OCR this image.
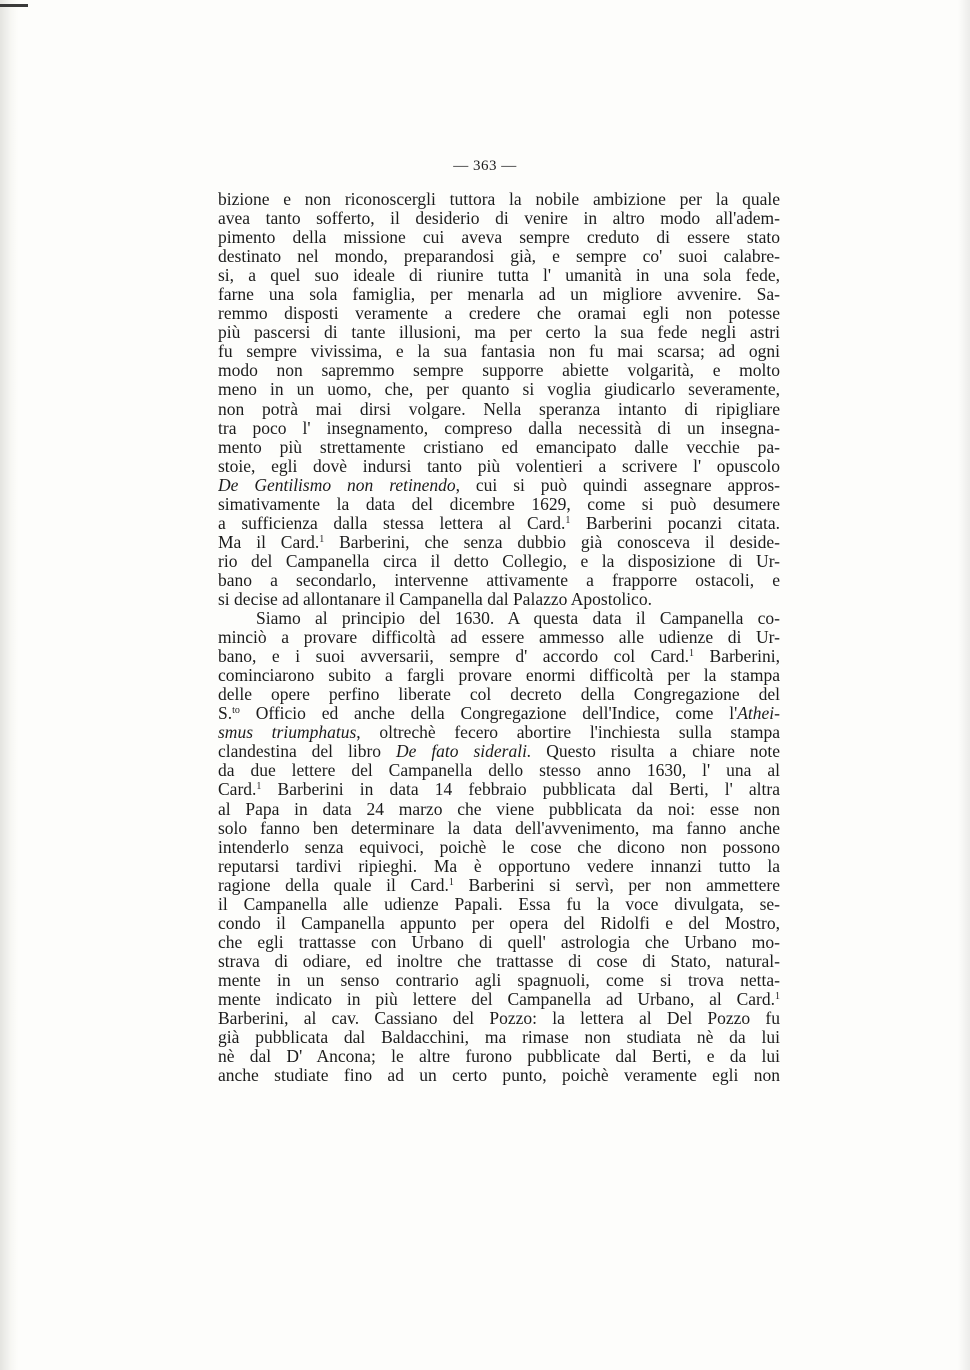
— 363 —
bizione e non riconoscergli tuttora la nobile ambizione per la quale
avea tanto sofferto, il desiderio di venire in altro modo all'adem-
pimento della missione cui aveva sempre creduto di essere stato
destinato nel mondo, preparandosi già, e sempre co' suoi calabre-
si, a quel suo ideale di riunire tutta l' umanità in una sola fede,
farne una sola famiglia, per menarla ad un migliore avvenire. Sa-
remmo disposti veramente a credere che oramai egli non potesse
più pascersi di tante illusioni, ma per certo la sua fede negli astri
fu sempre vivissima, e la sua fantasia non fu mai scarsa; ad ogni
modo non sapremmo sempre supporre abiette volgarità, e molto
meno in un uomo, che, per quanto si voglia giudicarlo severamente,
non potrà mai dirsi volgare. Nella speranza intanto di ripigliare
tra poco l' insegnamento, compreso dalla necessità di un insegna-
mento più strettamente cristiano ed emancipato dalle vecchie pa-
stoie, egli dovè indursi tanto più volentieri a scrivere l' opuscolo
De Gentilismo non retinendo, cui si può quindi assegnare appros-
simativamente la data del dicembre 1629, come si può desumere
a sufficienza dalla stessa lettera al Card.$^1$ Barberini pocanzi citata.
Ma il Card.$^1$ Barberini, che senza dubbio già conosceva il deside-
rio del Campanella circa il detto Collegio, e la disposizione di Ur-
bano a secondarlo, intervenne attivamente a frapporre ostacoli, e
si decise ad allontanare il Campanella dal Palazzo Apostolico.
Siamo al principio del 1630. A questa data il Campanella co-
minciò a provare difficoltà ad essere ammesso alle udienze di Ur-
bano, e i suoi avversarii, sempre d' accordo col Card.$^1$ Barberini,
cominciarono subito a fargli provare enormi difficoltà per la stampa
delle opere perfino liberate col decreto della Congregazione del
S.$^{to}$ Officio ed anche della Congregazione dell'Indice, come l'Athei-
smus triumphatus, oltrechè fecero abortire l'inchiesta sulla stampa
clandestina del libro De fato siderali. Questo risulta a chiare note
da due lettere del Campanella dello stesso anno 1630, l' una al
Card.$^1$ Barberini in data 14 febbraio pubblicata dal Berti, l' altra
al Papa in data 24 marzo che viene pubblicata da noi: esse non
solo fanno ben determinare la data dell'avvenimento, ma fanno anche
intenderlo senza equivoci, poichè le cose che dicono non possono
reputarsi tardivi ripieghi. Ma è opportuno vedere innanzi tutto la
ragione della quale il Card.$^1$ Barberini si servì, per non ammettere
il Campanella alle udienze Papali. Essa fu la voce divulgata, se-
condo il Campanella appunto per opera del Ridolfi e del Mostro,
che egli trattasse con Urbano di quell' astrologia che Urbano mo-
strava di odiare, ed inoltre che trattasse di cose di Stato, natural-
mente in un senso contrario agli spagnuoli, come si trova netta-
mente indicato in più lettere del Campanella ad Urbano, al Card.$^1$
Barberini, al cav. Cassiano del Pozzo: la lettera al Del Pozzo fu
già pubblicata dal Baldacchini, ma rimase non studiata nè da lui
nè dal D' Ancona; le altre furono pubblicate dal Berti, e da lui
anche studiate fino ad un certo punto, poichè veramente egli non
